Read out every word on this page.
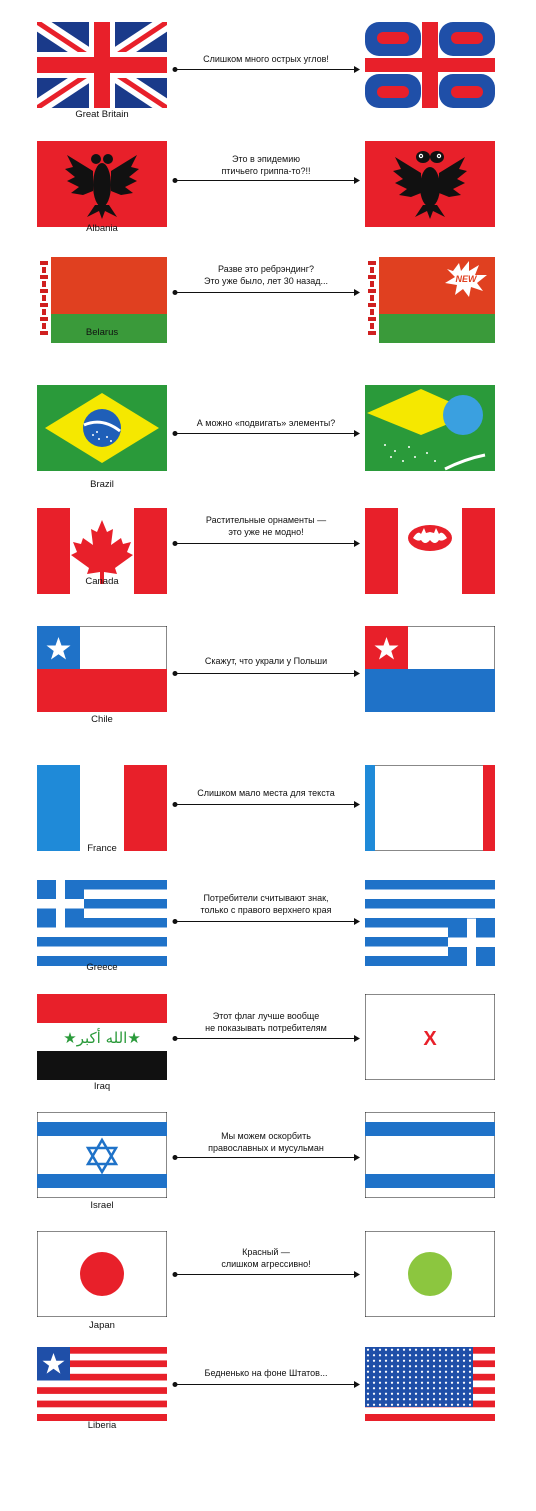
Great Britain
Слишком много острых углов!
Albania
Это в эпидемию
птичьего гриппа-то?!!
Belarus
Разве это ребрэндинг?
Это уже было, лет 30 назад...	NEW
Brazil
А можно «подвигать» элементы?
Canada
Растительные орнаменты —
это уже не модно!
Chile
Скажут, что украли у Польши
France
Слишком мало места для текста
Greece
Потребители считывают знак,
только с правого верхнего края
★الله أكبر★
Iraq
Этот флаг лучше вообще
не показывать потребителям	X
Israel
Мы можем оскорбить
православных и мусульман
Japan
Красный —
слишком агрессивно!
Liberia
Бедненько на фоне Штатов...
